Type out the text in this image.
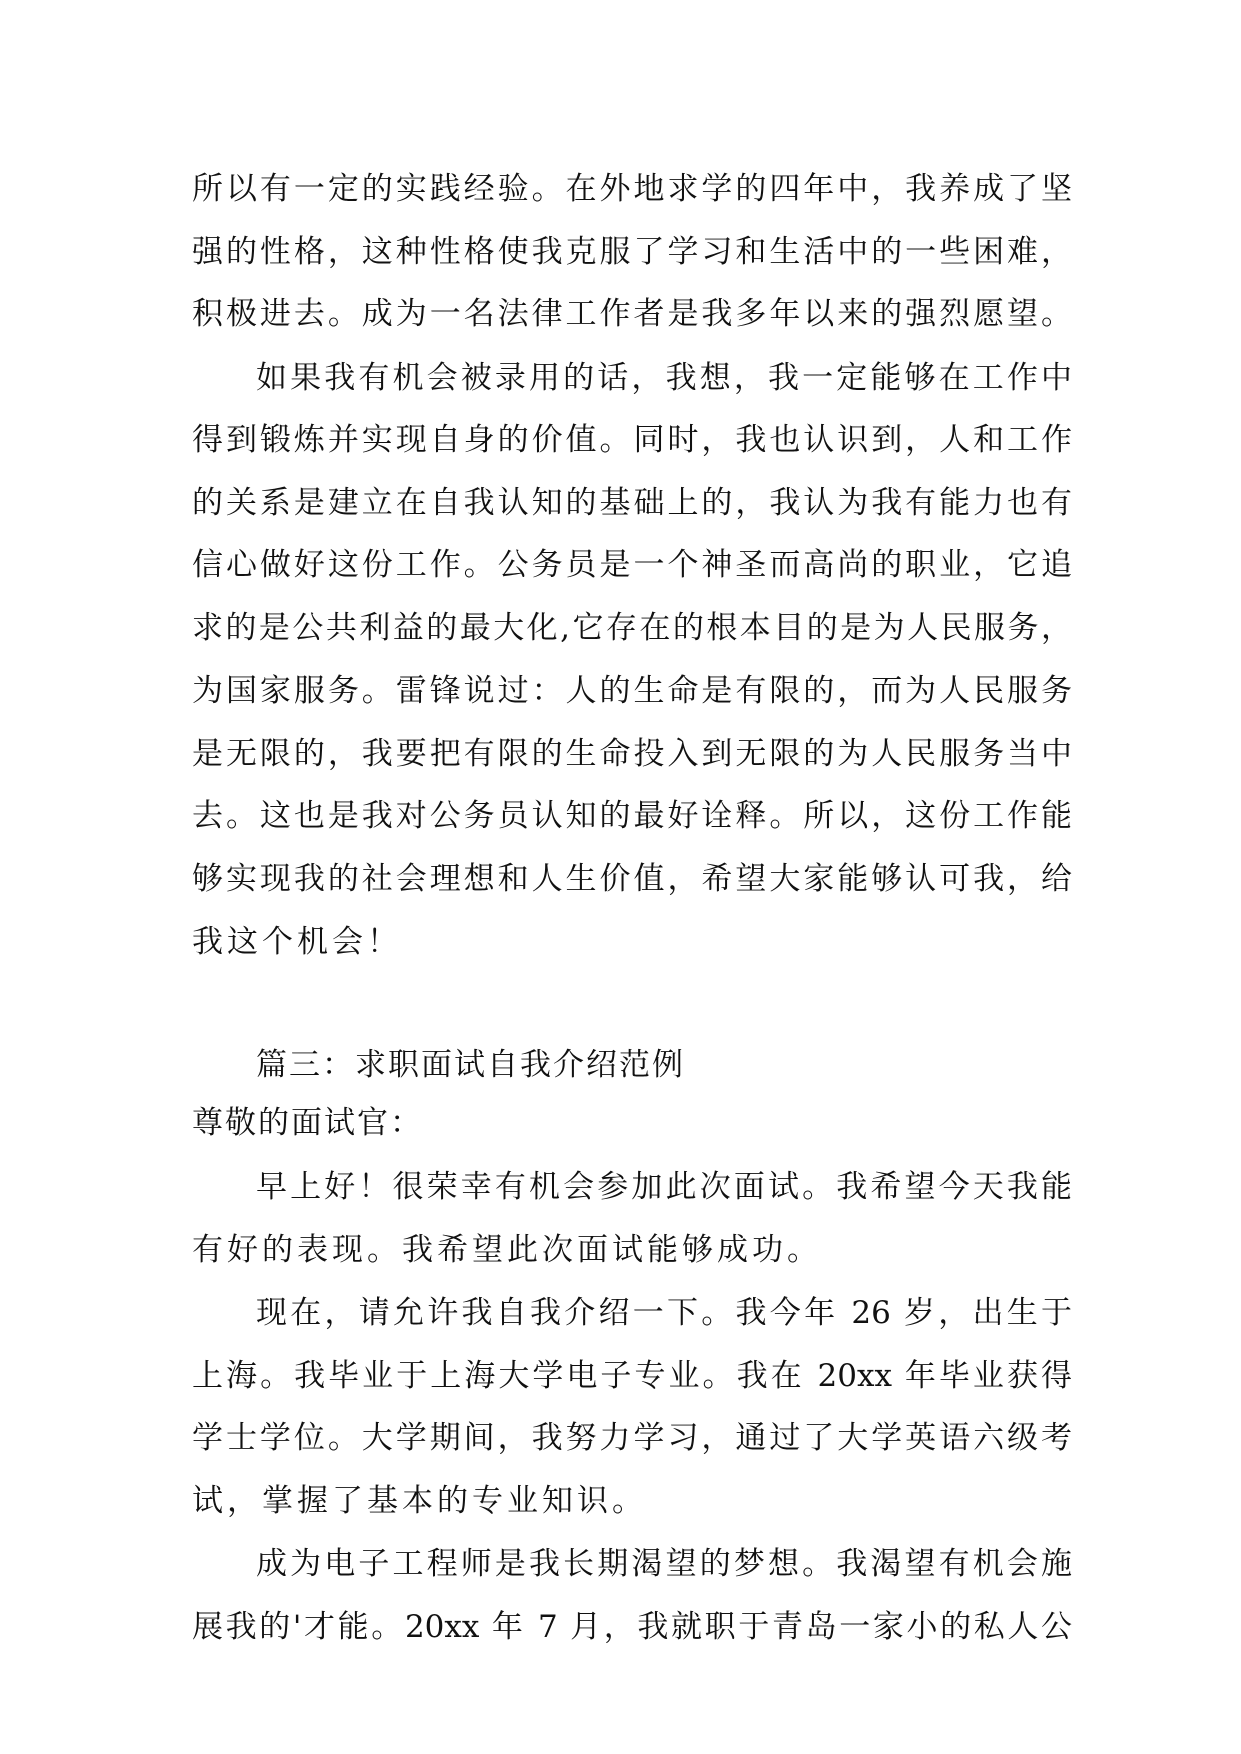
所以有一定的实践经验。在外地求学的四年中，我养成了坚
强的性格，这种性格使我克服了学习和生活中的一些困难，
积极进去。成为一名法律工作者是我多年以来的强烈愿望。
如果我有机会被录用的话，我想，我一定能够在工作中
得到锻炼并实现自身的价值。同时，我也认识到，人和工作
的关系是建立在自我认知的基础上的，我认为我有能力也有
信心做好这份工作。公务员是一个神圣而高尚的职业，它追
求的是公共利益的最大化,它存在的根本目的是为人民服务，
为国家服务。雷锋说过：人的生命是有限的，而为人民服务
是无限的，我要把有限的生命投入到无限的为人民服务当中
去。这也是我对公务员认知的最好诠释。所以，这份工作能
够实现我的社会理想和人生价值，希望大家能够认可我，给
我这个机会！
篇三：求职面试自我介绍范例
尊敬的面试官：
早上好！很荣幸有机会参加此次面试。我希望今天我能
有好的表现。我希望此次面试能够成功。
现在，请允许我自我介绍一下。我今年 26 岁，出生于
上海。我毕业于上海大学电子专业。我在 20xx 年毕业获得
学士学位。大学期间，我努力学习，通过了大学英语六级考
试，掌握了基本的专业知识。
成为电子工程师是我长期渴望的梦想。我渴望有机会施
展我的'才能。20xx 年 7 月，我就职于青岛一家小的私人公
